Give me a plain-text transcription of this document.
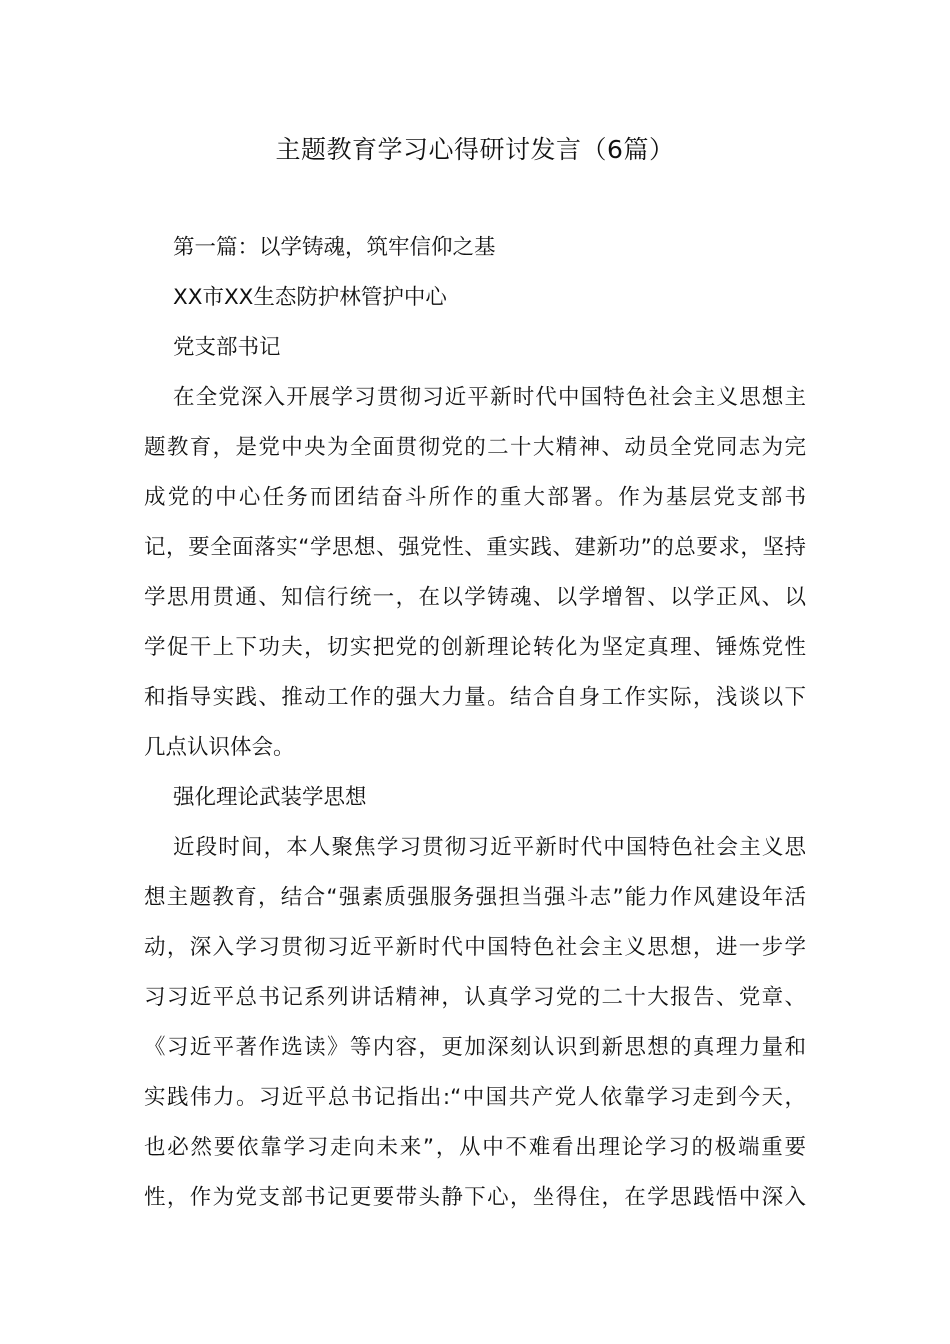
主题教育学习心得研讨发言（6篇）
第一篇：以学铸魂，筑牢信仰之基
XX市XX生态防护林管护中心
党支部书记
在全党深入开展学习贯彻习近平新时代中国特色社会主义思想主
题教育，是党中央为全面贯彻党的二十大精神、动员全党同志为完
成党的中心任务而团结奋斗所作的重大部署。作为基层党支部书
记，要全面落实“学思想、强党性、重实践、建新功”的总要求，坚持
学思用贯通、知信行统一，在以学铸魂、以学增智、以学正风、以
学促干上下功夫，切实把党的创新理论转化为坚定真理、锤炼党性
和指导实践、推动工作的强大力量。结合自身工作实际，浅谈以下
几点认识体会。
强化理论武装学思想
近段时间，本人聚焦学习贯彻习近平新时代中国特色社会主义思
想主题教育，结合“强素质强服务强担当强斗志”能力作风建设年活
动，深入学习贯彻习近平新时代中国特色社会主义思想，进一步学
习习近平总书记系列讲话精神，认真学习党的二十大报告、党章、
《习近平著作选读》等内容，更加深刻认识到新思想的真理力量和
实践伟力。习近平总书记指出:“中国共产党人依靠学习走到今天，
也必然要依靠学习走向未来”，从中不难看出理论学习的极端重要
性，作为党支部书记更要带头静下心，坐得住，在学思践悟中深入
